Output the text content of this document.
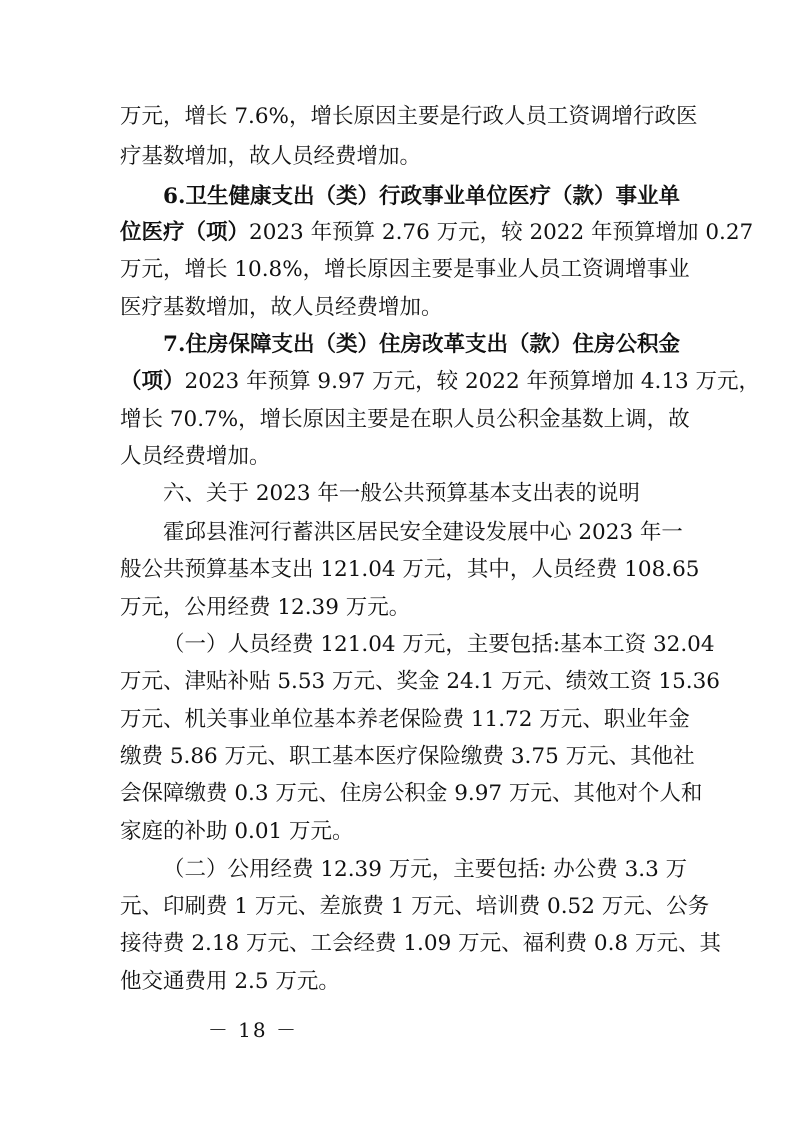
万元，增长 7.6%，增长原因主要是行政人员工资调增行政医
疗基数增加，故人员经费增加。
6.卫生健康支出（类）行政事业单位医疗（款）事业单
位医疗（项）2023 年预算 2.76 万元，较 2022 年预算增加 0.27
万元，增长 10.8%，增长原因主要是事业人员工资调增事业
医疗基数增加，故人员经费增加。
7.住房保障支出（类）住房改革支出（款）住房公积金
（项）2023 年预算 9.97 万元，较 2022 年预算增加 4.13 万元，
增长 70.7%，增长原因主要是在职人员公积金基数上调，故
人员经费增加。
六、关于 2023 年一般公共预算基本支出表的说明
霍邱县淮河行蓄洪区居民安全建设发展中心 2023 年一
般公共预算基本支出 121.04 万元，其中，人员经费 108.65
万元，公用经费 12.39 万元。
（一）人员经费 121.04 万元，主要包括:基本工资 32.04
万元、津贴补贴 5.53 万元、奖金 24.1 万元、绩效工资 15.36
万元、机关事业单位基本养老保险费 11.72 万元、职业年金
缴费 5.86 万元、职工基本医疗保险缴费 3.75 万元、其他社
会保障缴费 0.3 万元、住房公积金 9.97 万元、其他对个人和
家庭的补助 0.01 万元。
（二）公用经费 12.39 万元，主要包括: 办公费 3.3 万
元、印刷费 1 万元、差旅费 1 万元、培训费 0.52 万元、公务
接待费 2.18 万元、工会经费 1.09 万元、福利费 0.8 万元、其
他交通费用 2.5 万元。
－ 18 －
